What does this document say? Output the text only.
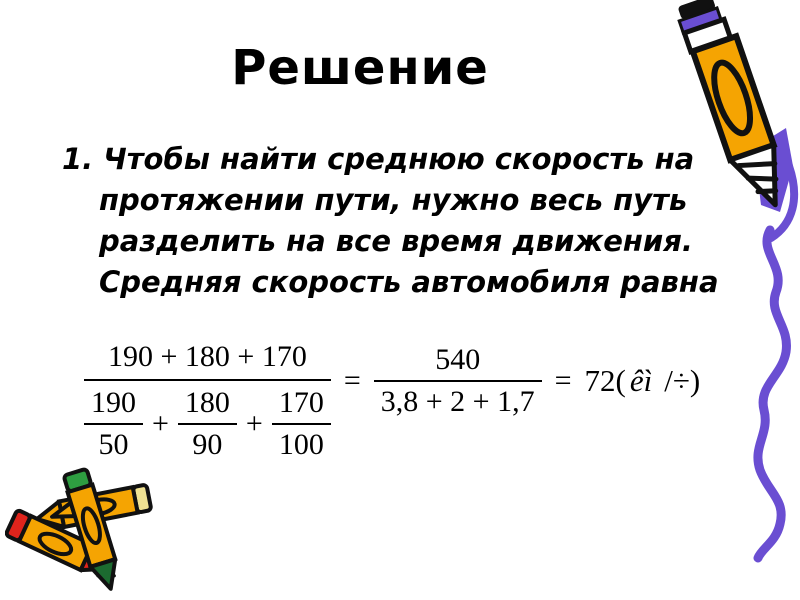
Решение
1. Чтобы найти среднюю скорость на
протяжении пути, нужно весь путь
разделить на все время движения.
Средняя скорость автомобиля равна
190 + 180 + 170
$\frac{190}{50} + \frac{180}{90} + \frac{170}{100}$
= $\frac{540}{3,8 + 2 + 1,7} = 72$( êì /÷)
